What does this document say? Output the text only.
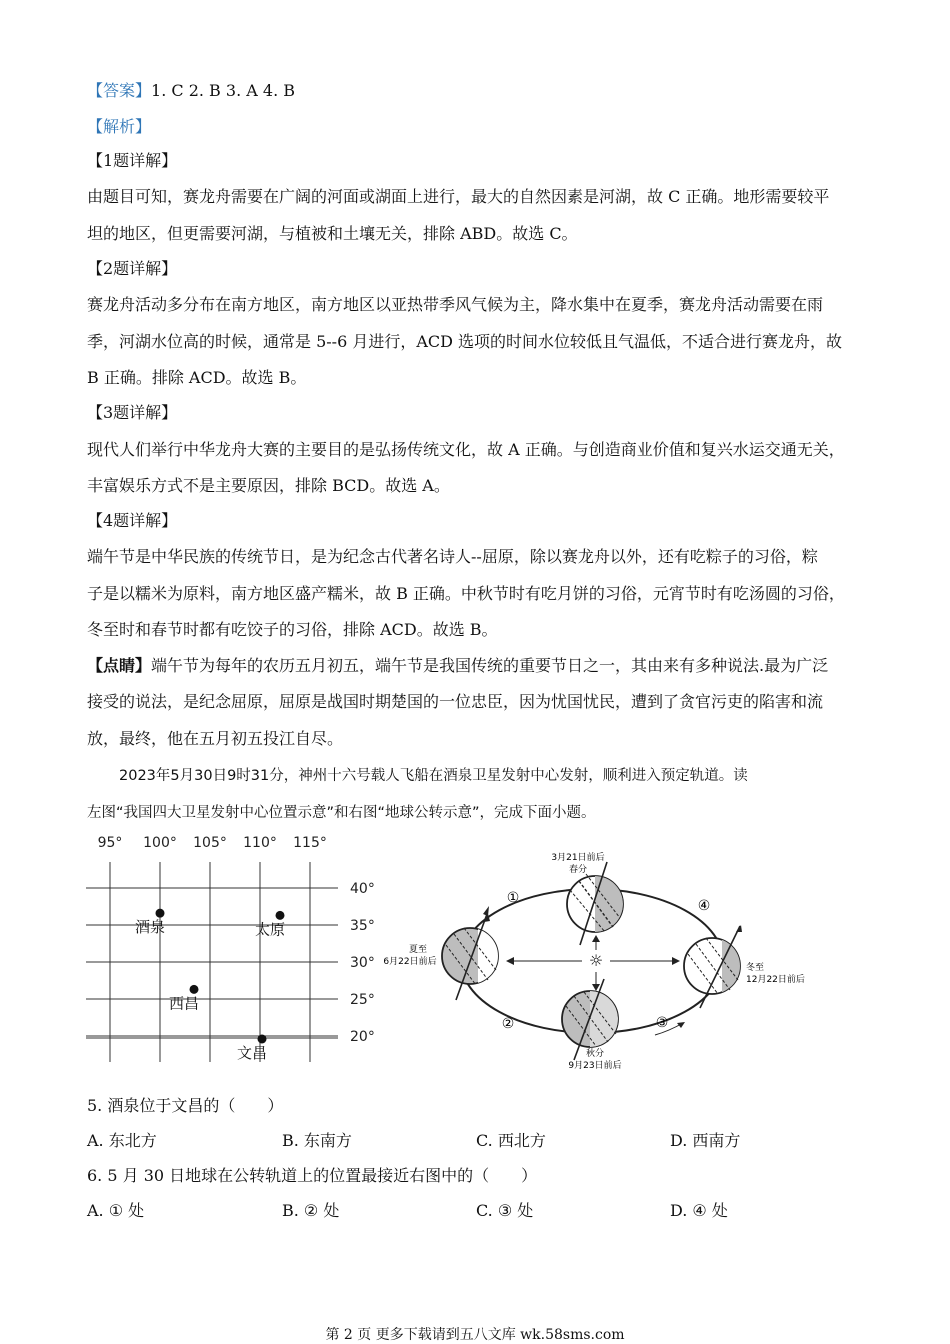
【答案】1. C 2. B 3. A 4. B
【解析】
【1题详解】
由题目可知，赛龙舟需要在广阔的河面或湖面上进行，最大的自然因素是河湖，故 C 正确。地形需要较平
坦的地区，但更需要河湖，与植被和土壤无关，排除 ABD。故选 C。
【2题详解】
赛龙舟活动多分布在南方地区，南方地区以亚热带季风气候为主，降水集中在夏季，赛龙舟活动需要在雨
季，河湖水位高的时候，通常是 5--6 月进行，ACD 选项的时间水位较低且气温低，不适合进行赛龙舟，故
B 正确。排除 ACD。故选 B。
【3题详解】
现代人们举行中华龙舟大赛的主要目的是弘扬传统文化，故 A 正确。与创造商业价值和复兴水运交通无关，
丰富娱乐方式不是主要原因，排除 BCD。故选 A。
【4题详解】
端午节是中华民族的传统节日，是为纪念古代著名诗人--屈原，除以赛龙舟以外，还有吃粽子的习俗，粽
子是以糯米为原料，南方地区盛产糯米，故 B 正确。中秋节时有吃月饼的习俗，元宵节时有吃汤圆的习俗，
冬至时和春节时都有吃饺子的习俗，排除 ACD。故选 B。
【点睛】端午节为每年的农历五月初五，端午节是我国传统的重要节日之一，其由来有多种说法.最为广泛
接受的说法，是纪念屈原，屈原是战国时期楚国的一位忠臣，因为忧国忧民，遭到了贪官污吏的陷害和流
放，最终，他在五月初五投江自尽。
2023年5月30日9时31分，神州十六号载人飞船在酒泉卫星发射中心发射，顺利进入预定轨道。读
左图“我国四大卫星发射中心位置示意”和右图“地球公转示意”，完成下面小题。
95° 100° 105° 110° 115°
40°
35°
30°
25°
20°
酒泉	太原
西昌
文昌
☼
3月21日前后
春分
夏至
6月22日前后
冬至
12月22日前后
秋分
9月23日前后
①
②	③
④
5. 酒泉位于文昌的（　　）
A. 东北方	B. 东南方	C. 西北方	D. 西南方
6. 5 月 30 日地球在公转轨道上的位置最接近右图中的（　　）
A. ① 处	B. ② 处	C. ③ 处	D. ④ 处
第 2 页 更多下载请到五八文库 wk.58sms.com
